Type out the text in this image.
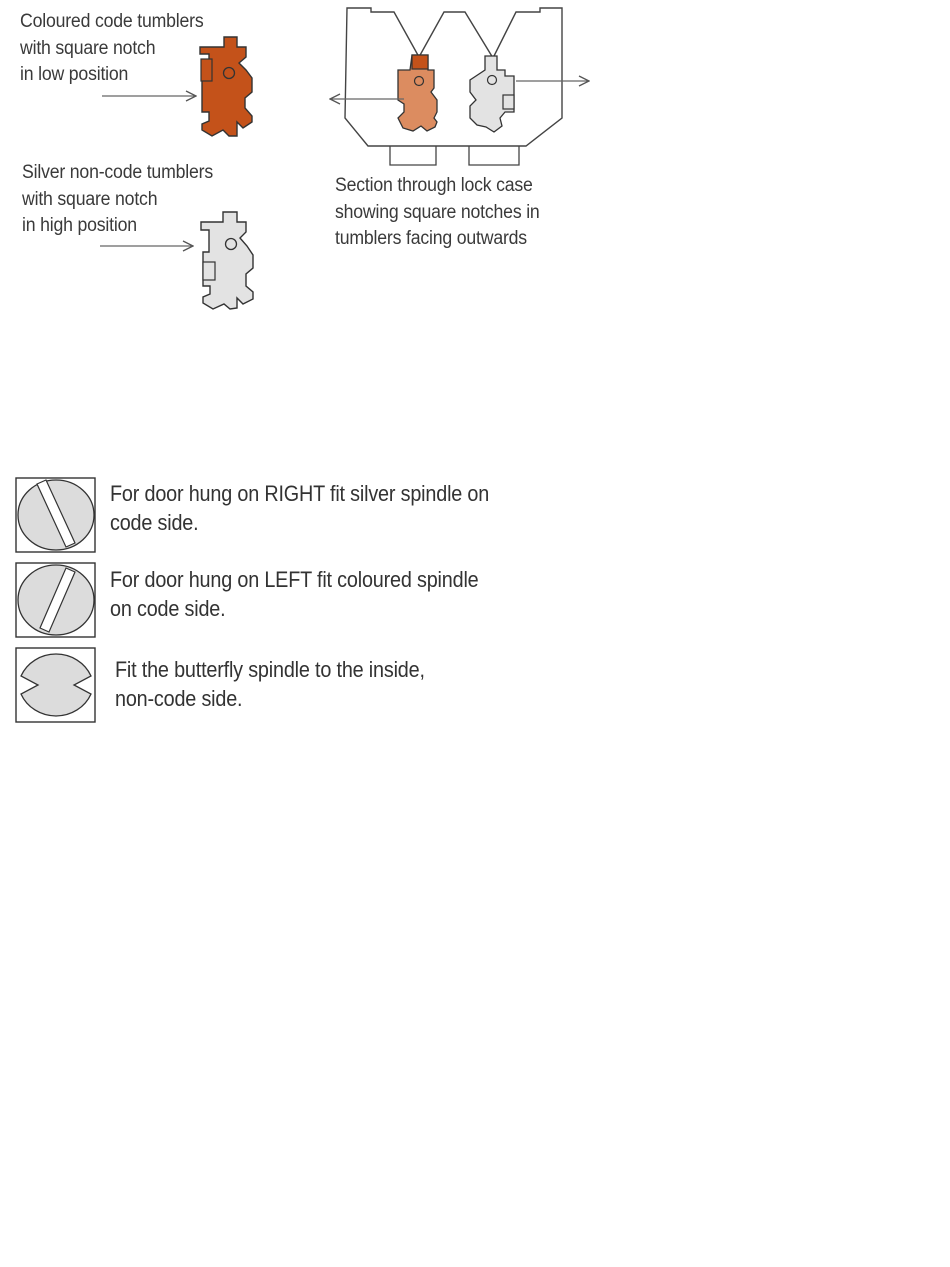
Coloured code tumblers
with square notch
in low position
Silver non-code tumblers
with square notch
in high position
Section through lock case
showing square notches in
tumblers facing outwards
For door hung on RIGHT fit silver spindle on
code side.
For door hung on LEFT fit coloured spindle
on code side.
Fit the butterfly spindle to the inside,
non-code side.
